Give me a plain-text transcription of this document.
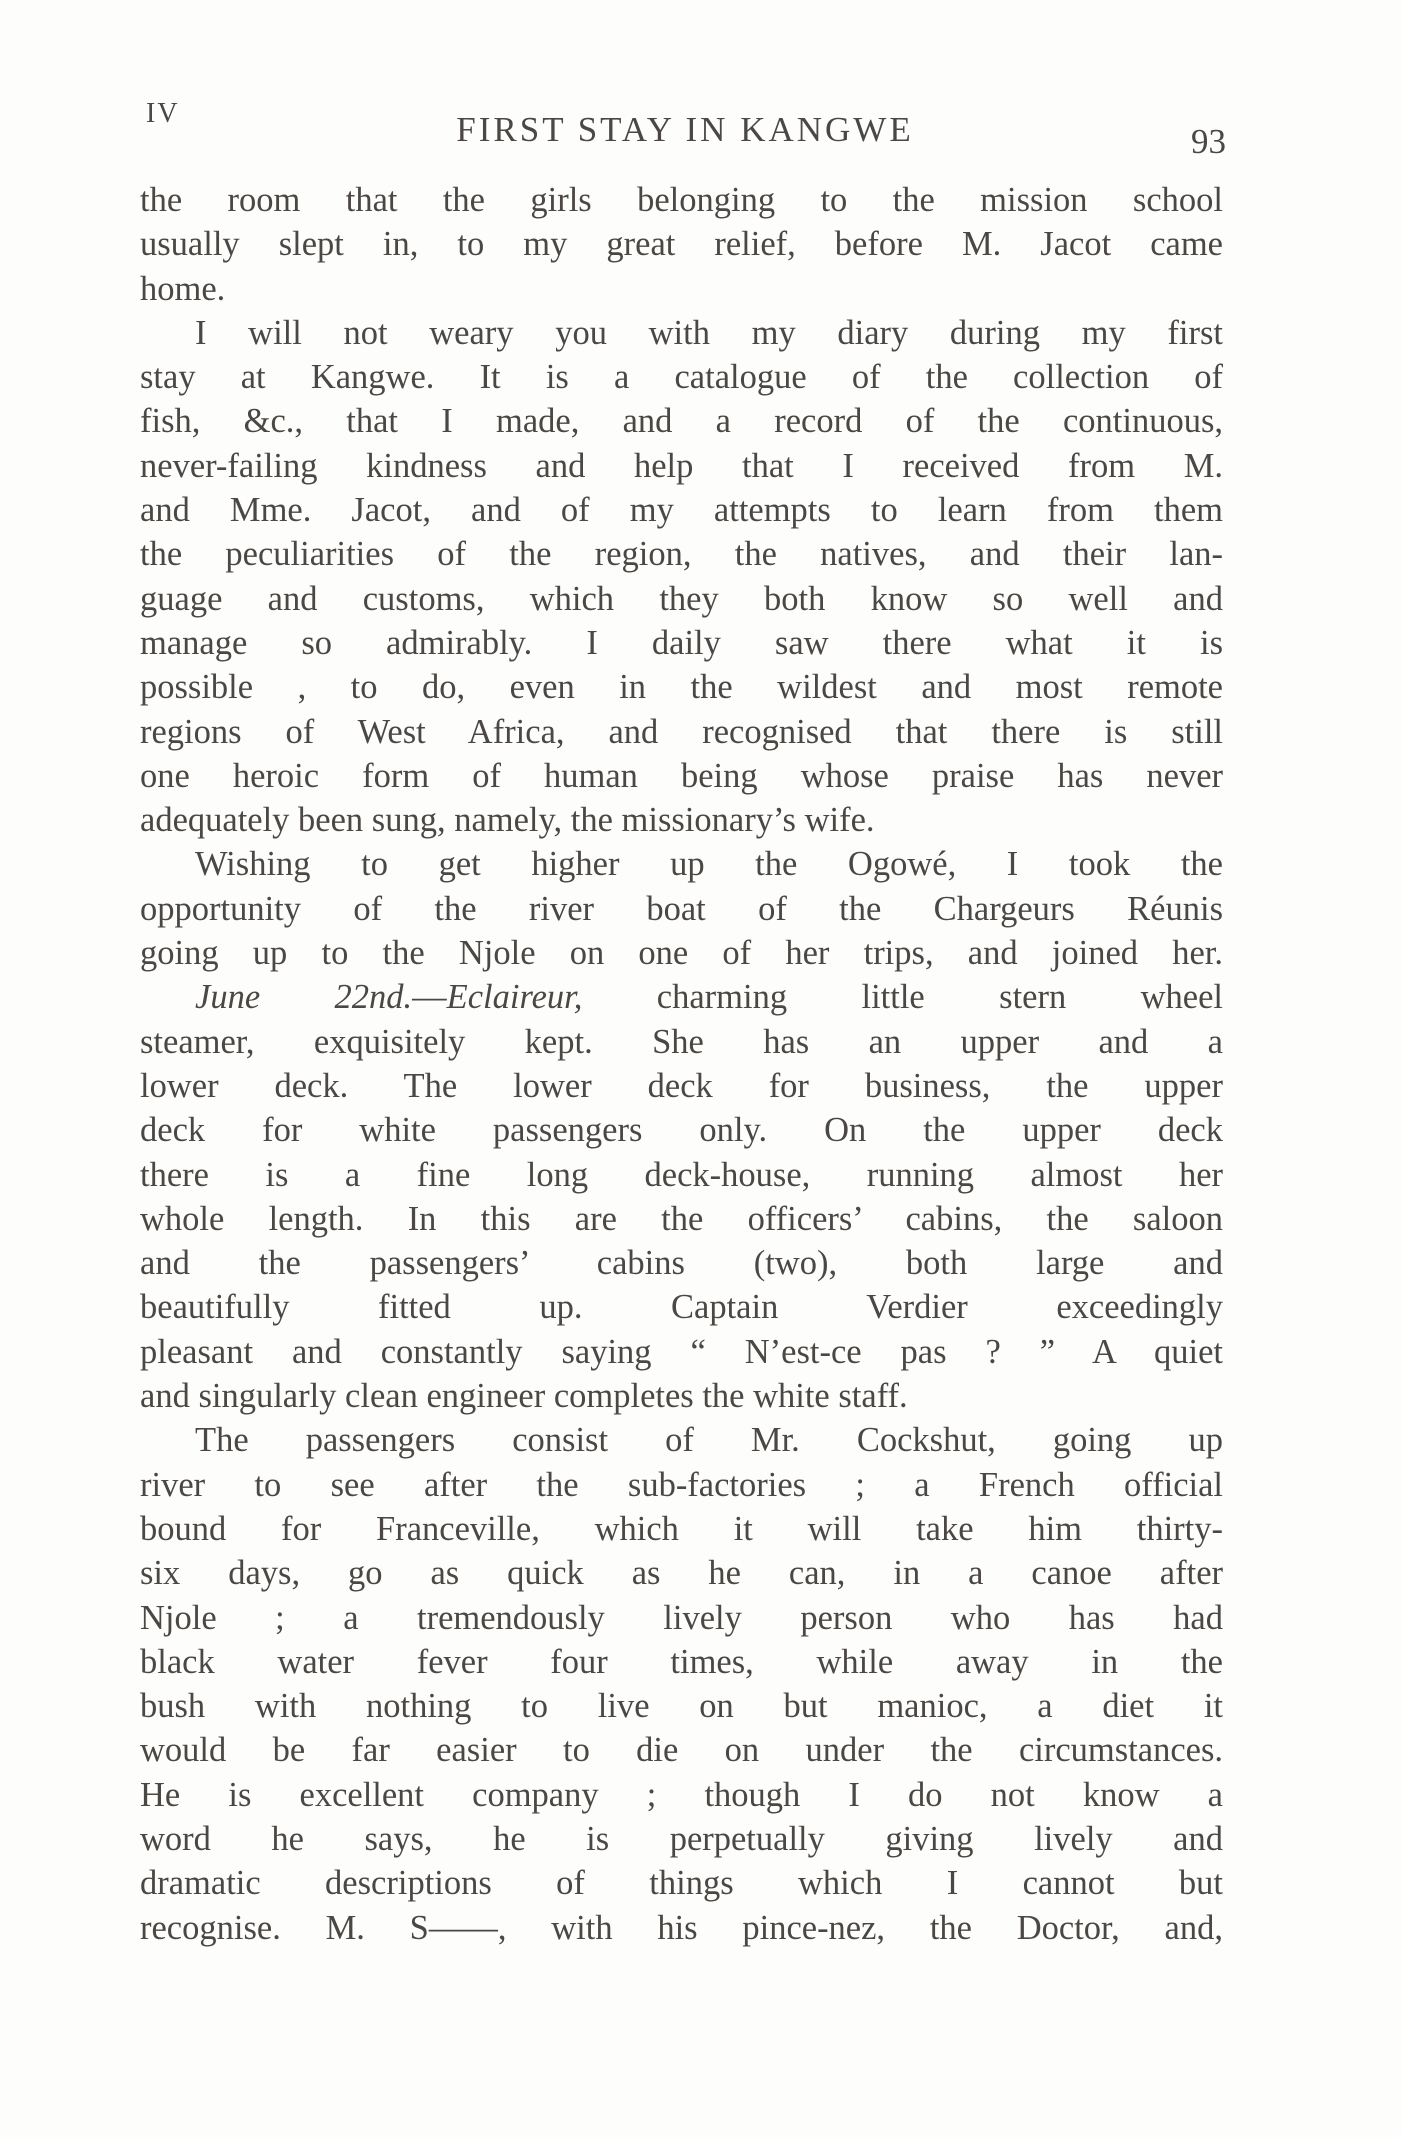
IV	FIRST STAY IN KANGWE	93
the room that the girls belonging to the mission school
usually slept in, to my great relief, before M. Jacot came
home.
I will not weary you with my diary during my first
stay at Kangwe. It is a catalogue of the collection of
fish, &c., that I made, and a record of the continuous,
never-failing kindness and help that I received from M.
and Mme. Jacot, and of my attempts to learn from them
the peculiarities of the region, the natives, and their lan-
guage and customs, which they both know so well and
manage so admirably. I daily saw there what it is
possible , to do, even in the wildest and most remote
regions of West Africa, and recognised that there is still
one heroic form of human being whose praise has never
adequately been sung, namely, the missionary’s wife.
Wishing to get higher up the Ogowé, I took the
opportunity of the river boat of the Chargeurs Réunis
going up to the Njole on one of her trips, and joined her.
June 22nd.—Eclaireur, charming little stern wheel
steamer, exquisitely kept. She has an upper and a
lower deck. The lower deck for business, the upper
deck for white passengers only. On the upper deck
there is a fine long deck-house, running almost her
whole length. In this are the officers’ cabins, the saloon
and the passengers’ cabins (two), both large and
beautifully fitted up. Captain Verdier exceedingly
pleasant and constantly saying “ N’est-ce pas ? ” A quiet
and singularly clean engineer completes the white staff.
The passengers consist of Mr. Cockshut, going up
river to see after the sub-factories ; a French official
bound for Franceville, which it will take him thirty-
six days, go as quick as he can, in a canoe after
Njole ; a tremendously lively person who has had
black water fever four times, while away in the
bush with nothing to live on but manioc, a diet it
would be far easier to die on under the circumstances.
He is excellent company ; though I do not know a
word he says, he is perpetually giving lively and
dramatic descriptions of things which I cannot but
recognise. M. S——, with his pince-nez, the Doctor, and,
